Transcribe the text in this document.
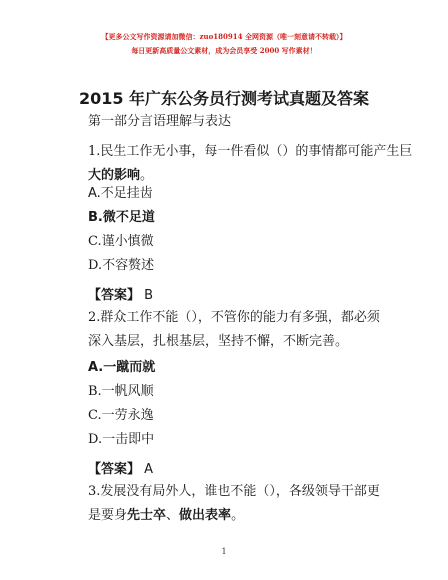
【更多公文写作资源请加微信：zuo180914 全网资源（唯一刻意请不转载）】
每日更新高质量公文素材，成为会员享受 2000 写作素材！
2015 年广东公务员行测考试真题及答案
第一部分言语理解与表达
1.民生工作无小事，每一件看似（）的事情都可能产生巨
大的影响。
A.不足挂齿
B.微不足道
C.谨小慎微
D.不容赘述
【答案】 B
2.群众工作不能（），不管你的能力有多强，都必须深入基层，扎根基层，坚持不懈，不断完善。
A.一蹴而就
B.一帆风顺
C.一劳永逸
D.一击即中
【答案】 A
3.发展没有局外人，谁也不能（），各级领导干部更是要身先士卒、做出表率。
1
